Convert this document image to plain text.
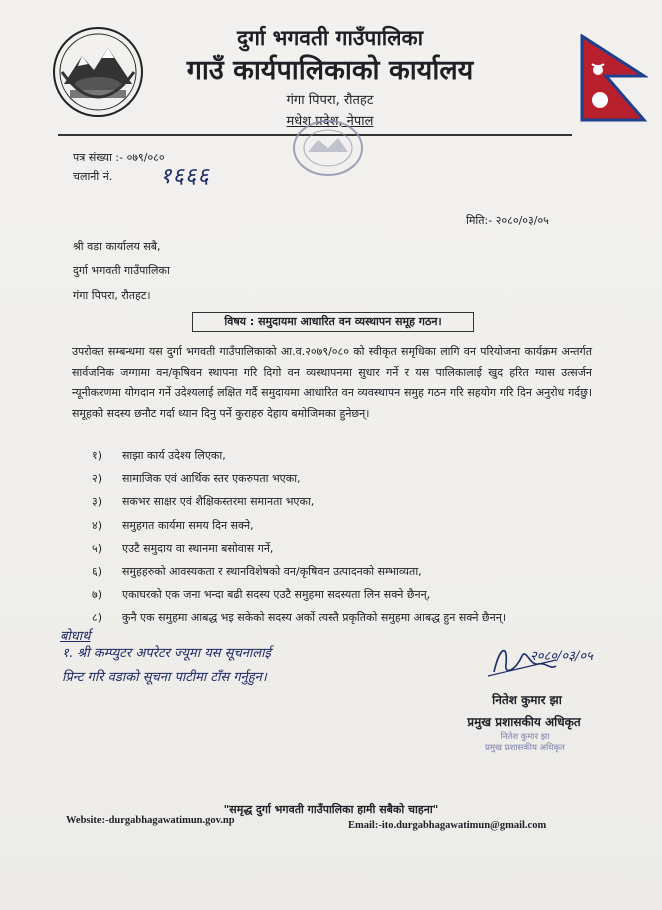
दुर्गा भगवती गाउँपालिका
गाउँ कार्यपालिकाको कार्यालय
गंगा पिपरा, रौतहट
मधेश प्रदेश, नेपाल
पत्र संख्या :- ०७९/०८०
चलानी नं. १६६६
मिति:- २०८०/०३/०५
श्री वडा कार्यालय सबै,
दुर्गा भगवती गाउँपालिका
गंगा पिपरा, रौतहट।
विषय : समुदायमा आधारित वन व्यस्थापन समूह गठन।
उपरोक्त सम्बन्धमा यस दुर्गा भगवती गाउँपालिकाको आ.व.२०७९/०८० को स्वीकृत समृधिका लागि वन परियोजना कार्यक्रम अन्तर्गत सार्वजनिक जग्गामा वन/कृषिवन स्थापना गरि दिगो वन व्यस्थापनमा सुधार गर्ने र यस पालिकालाई खुद हरित ग्यास उत्सर्जन न्यूनीकरणमा योगदान गर्ने उदेश्यलाई लक्षित गर्दै समुदायमा आधारित वन व्यवस्थापन समुह गठन गरि सहयोग गरि दिन अनुरोध गर्दछु। समूहको सदस्य छनौट गर्दा ध्यान दिनु पर्ने कुराहरु देहाय बमोजिमका हुनेछन्।
१) साझा कार्य उदेश्य लिएका,
२) सामाजिक एवं आर्थिक स्तर एकरुपता भएका,
३) सकभर साक्षर एवं शैक्षिकस्तरमा समानता भएका,
४) समुहगत कार्यमा समय दिन सक्ने,
५) एउटै समुदाय वा स्थानमा बसोवास गर्ने,
६) समुहहरुको आवस्यकता र स्थानविशेषको वन/कृषिवन उत्पादनको सम्भाव्यता,
७) एकाघरको एक जना भन्दा बढी सदस्य एउटै समुहमा सदस्यता लिन सक्ने छैनन्,
८) कुनै एक समुहमा आबद्ध भइ सकेको सदस्य अर्को त्यस्तै प्रकृतिको समुहमा आबद्ध हुन सक्ने छैनन्।
बोधार्थ
१. श्री कम्प्युटर अपरेटर ज्यूमा यस सूचनालाई
प्रिन्ट गरि वडाको सूचना पाटीमा टाँस गर्नुहुन।
२०८०/०३/०५
नितेश कुमार झा
प्रमुख प्रशासकीय अधिकृत
नितेश कुमार झा
प्रमुख प्रशासकीय अधिकृत
"समृद्ध दुर्गा भगवती गाउँपालिका हामी सबैको चाहना"
Website:-durgabhagawatimun.gov.np	Email:-ito.durgabhagawatimun@gmail.com
